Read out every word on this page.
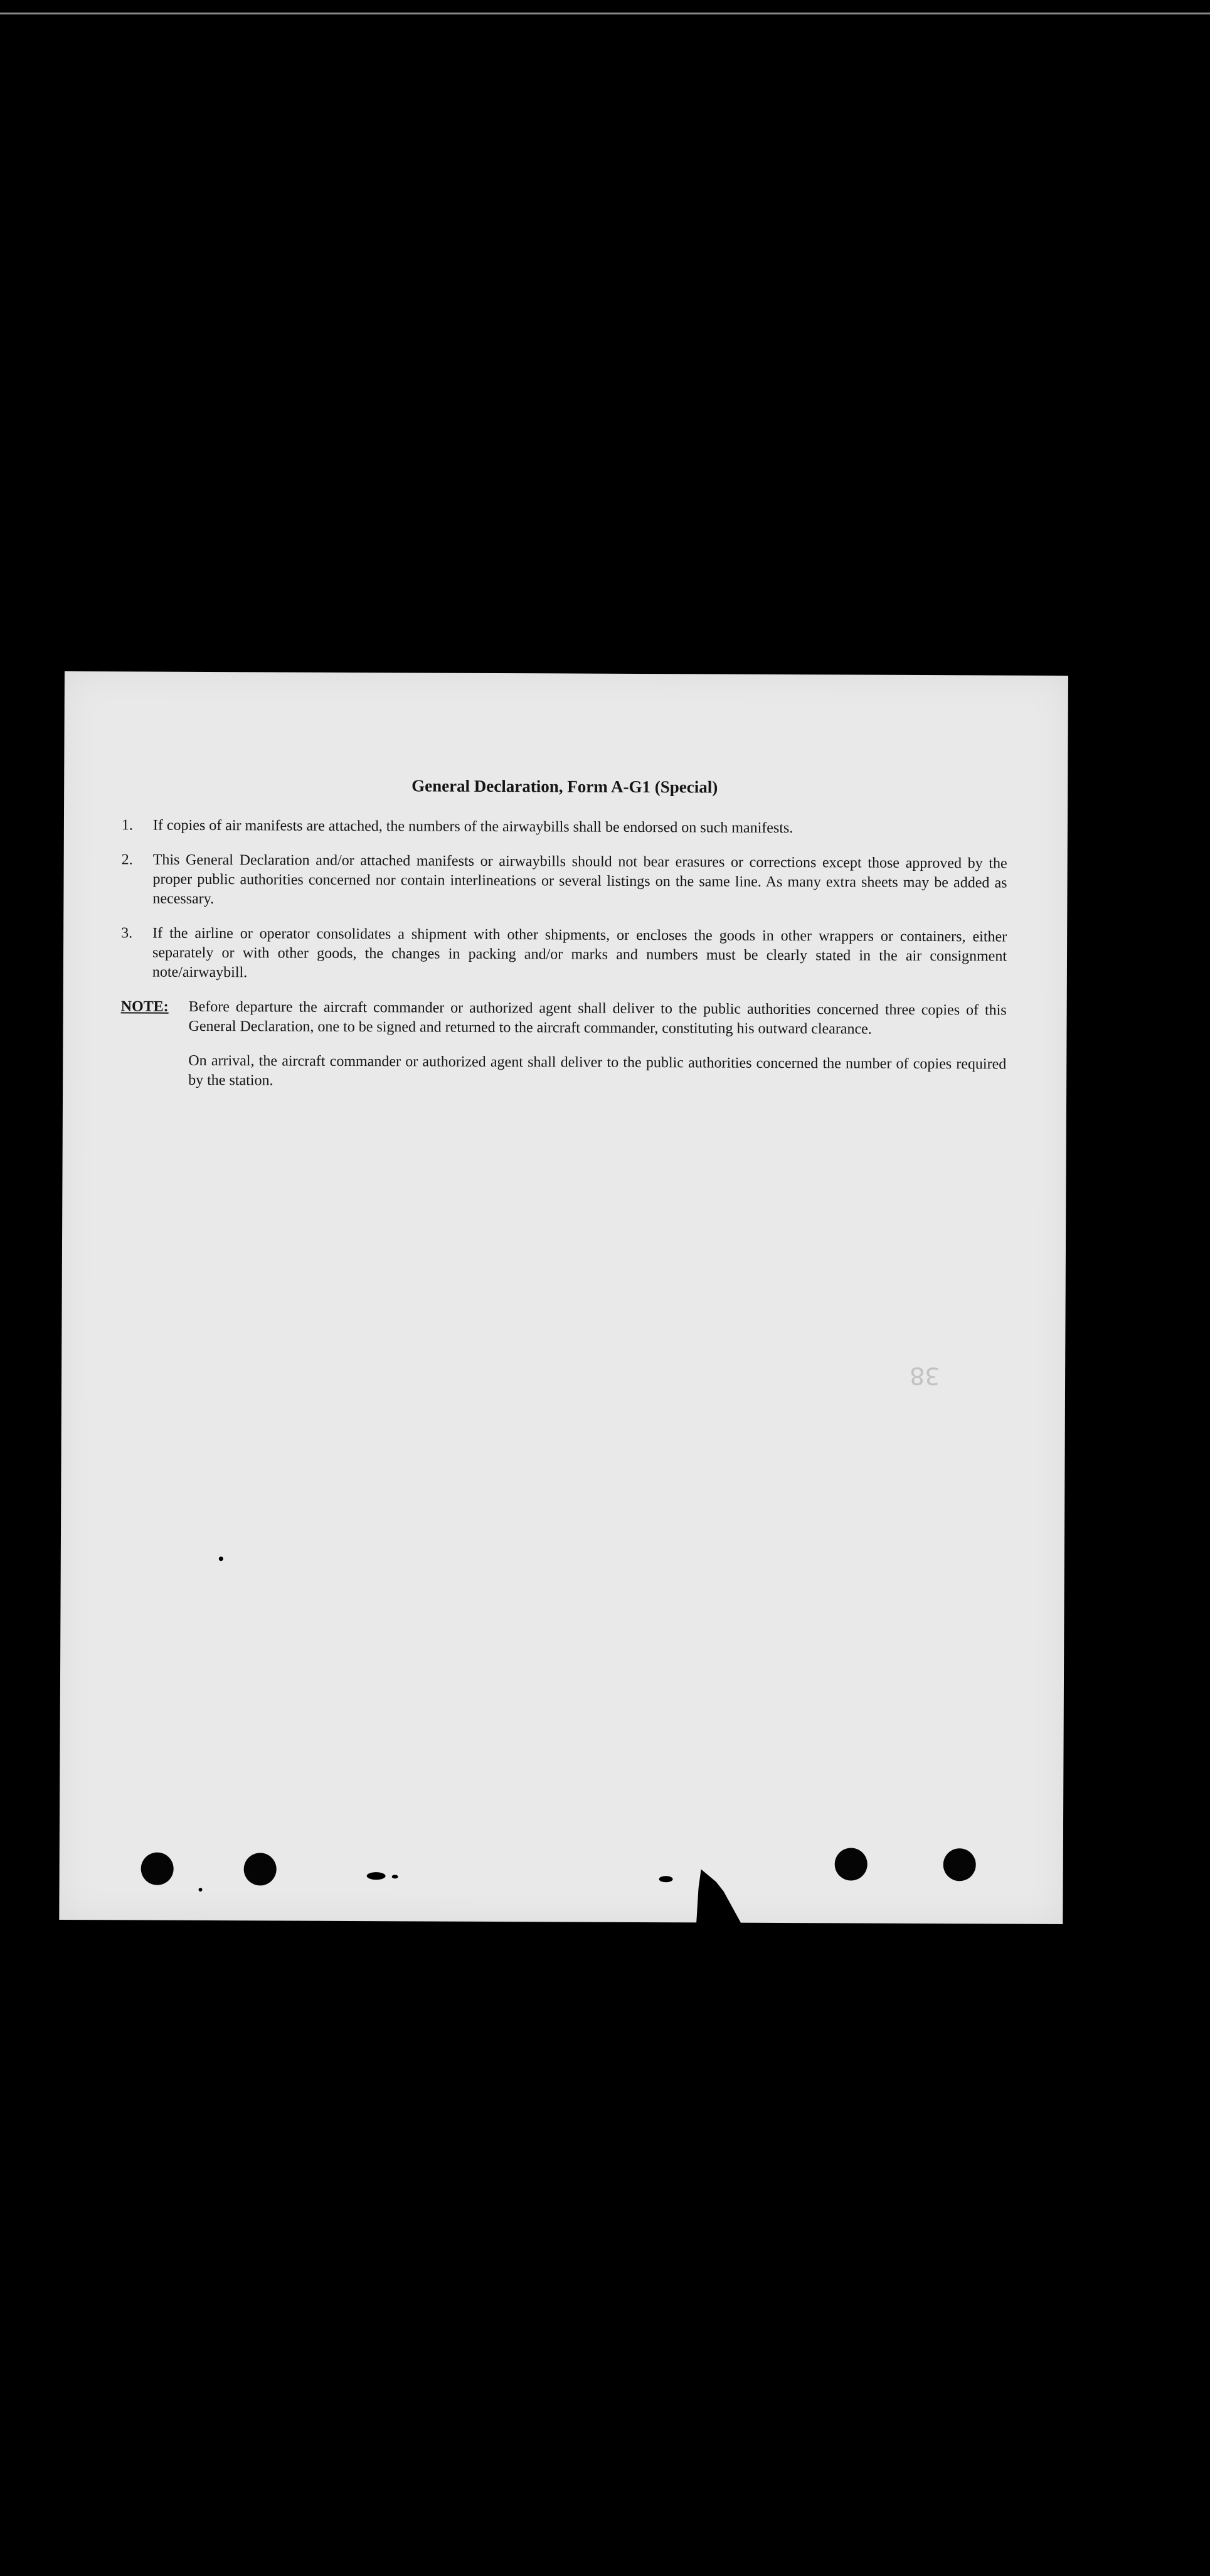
General Declaration, Form A-G1 (Special)
1.	If copies of air manifests are attached, the numbers of the airwaybills shall be endorsed on such manifests.
2.	This General Declaration and/or attached manifests or airwaybills should not bear erasures or corrections except those approved by the proper public authorities concerned nor contain interlineations or several listings on the same line. As many extra sheets may be added as necessary.
3.	If the airline or operator consolidates a shipment with other shipments, or encloses the goods in other wrappers or containers, either separately or with other goods, the changes in packing and/or marks and numbers must be clearly stated in the air consignment note/airwaybill.
NOTE:	Before departure the aircraft commander or authorized agent shall deliver to the public authorities concerned three copies of this General Declaration, one to be signed and returned to the aircraft commander, constituting his outward clearance.

On arrival, the aircraft commander or authorized agent shall deliver to the public authorities concerned the number of copies required by the station.

38
